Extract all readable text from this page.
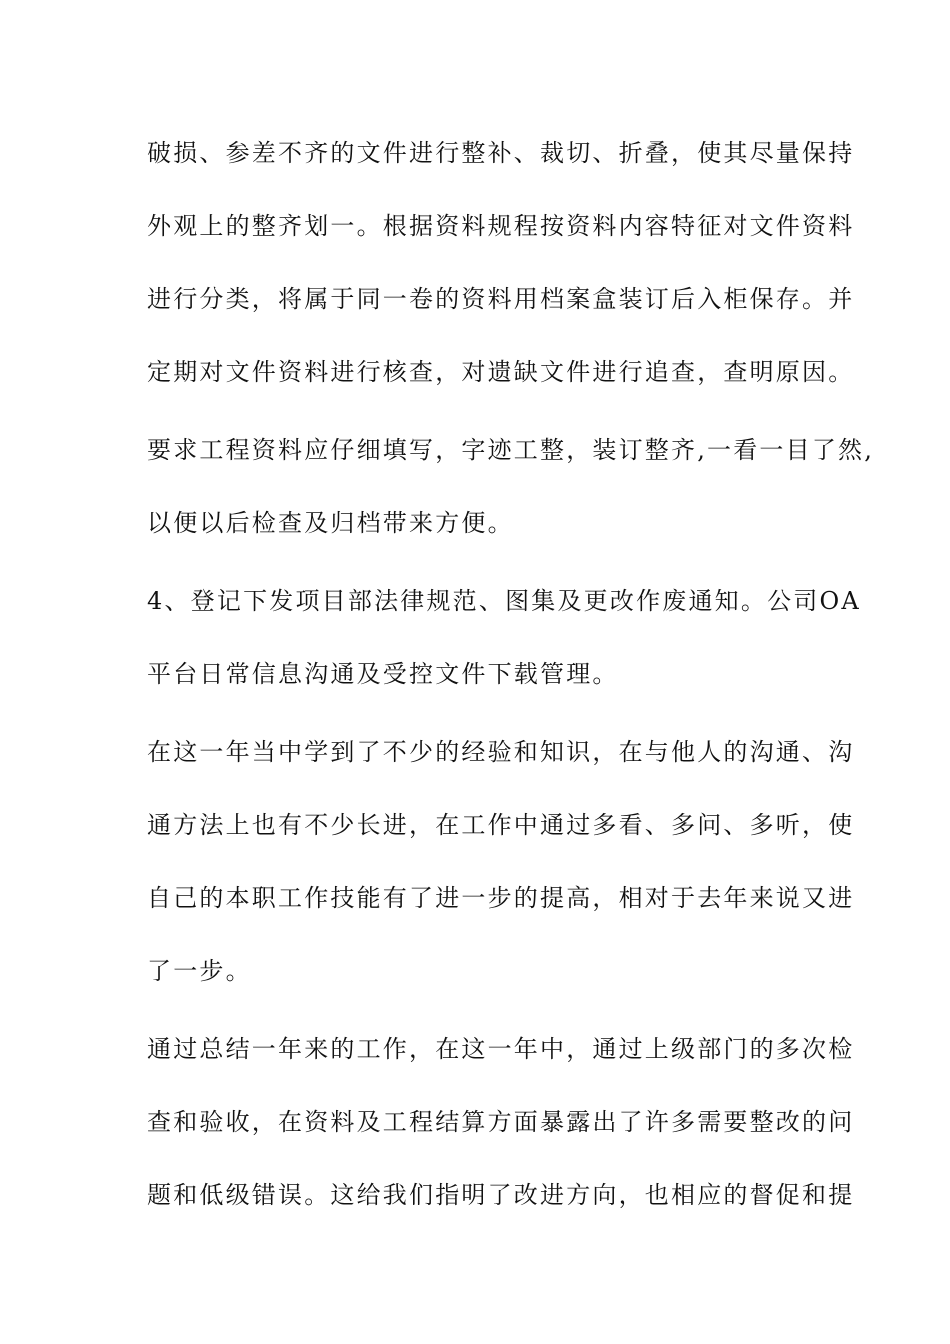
破损、参差不齐的文件进行整补、裁切、折叠，使其尽量保持
外观上的整齐划一。根据资料规程按资料内容特征对文件资料
进行分类，将属于同一卷的资料用档案盒装订后入柜保存。并
定期对文件资料进行核查，对遗缺文件进行追查，查明原因。
要求工程资料应仔细填写，字迹工整，装订整齐,一看一目了然,
以便以后检查及归档带来方便。
4、登记下发项目部法律规范、图集及更改作废通知。公司OA
平台日常信息沟通及受控文件下载管理。
在这一年当中学到了不少的经验和知识，在与他人的沟通、沟
通方法上也有不少长进，在工作中通过多看、多问、多听，使
自己的本职工作技能有了进一步的提高，相对于去年来说又进
了一步。
通过总结一年来的工作，在这一年中，通过上级部门的多次检
查和验收，在资料及工程结算方面暴露出了许多需要整改的问
题和低级错误。这给我们指明了改进方向，也相应的督促和提
